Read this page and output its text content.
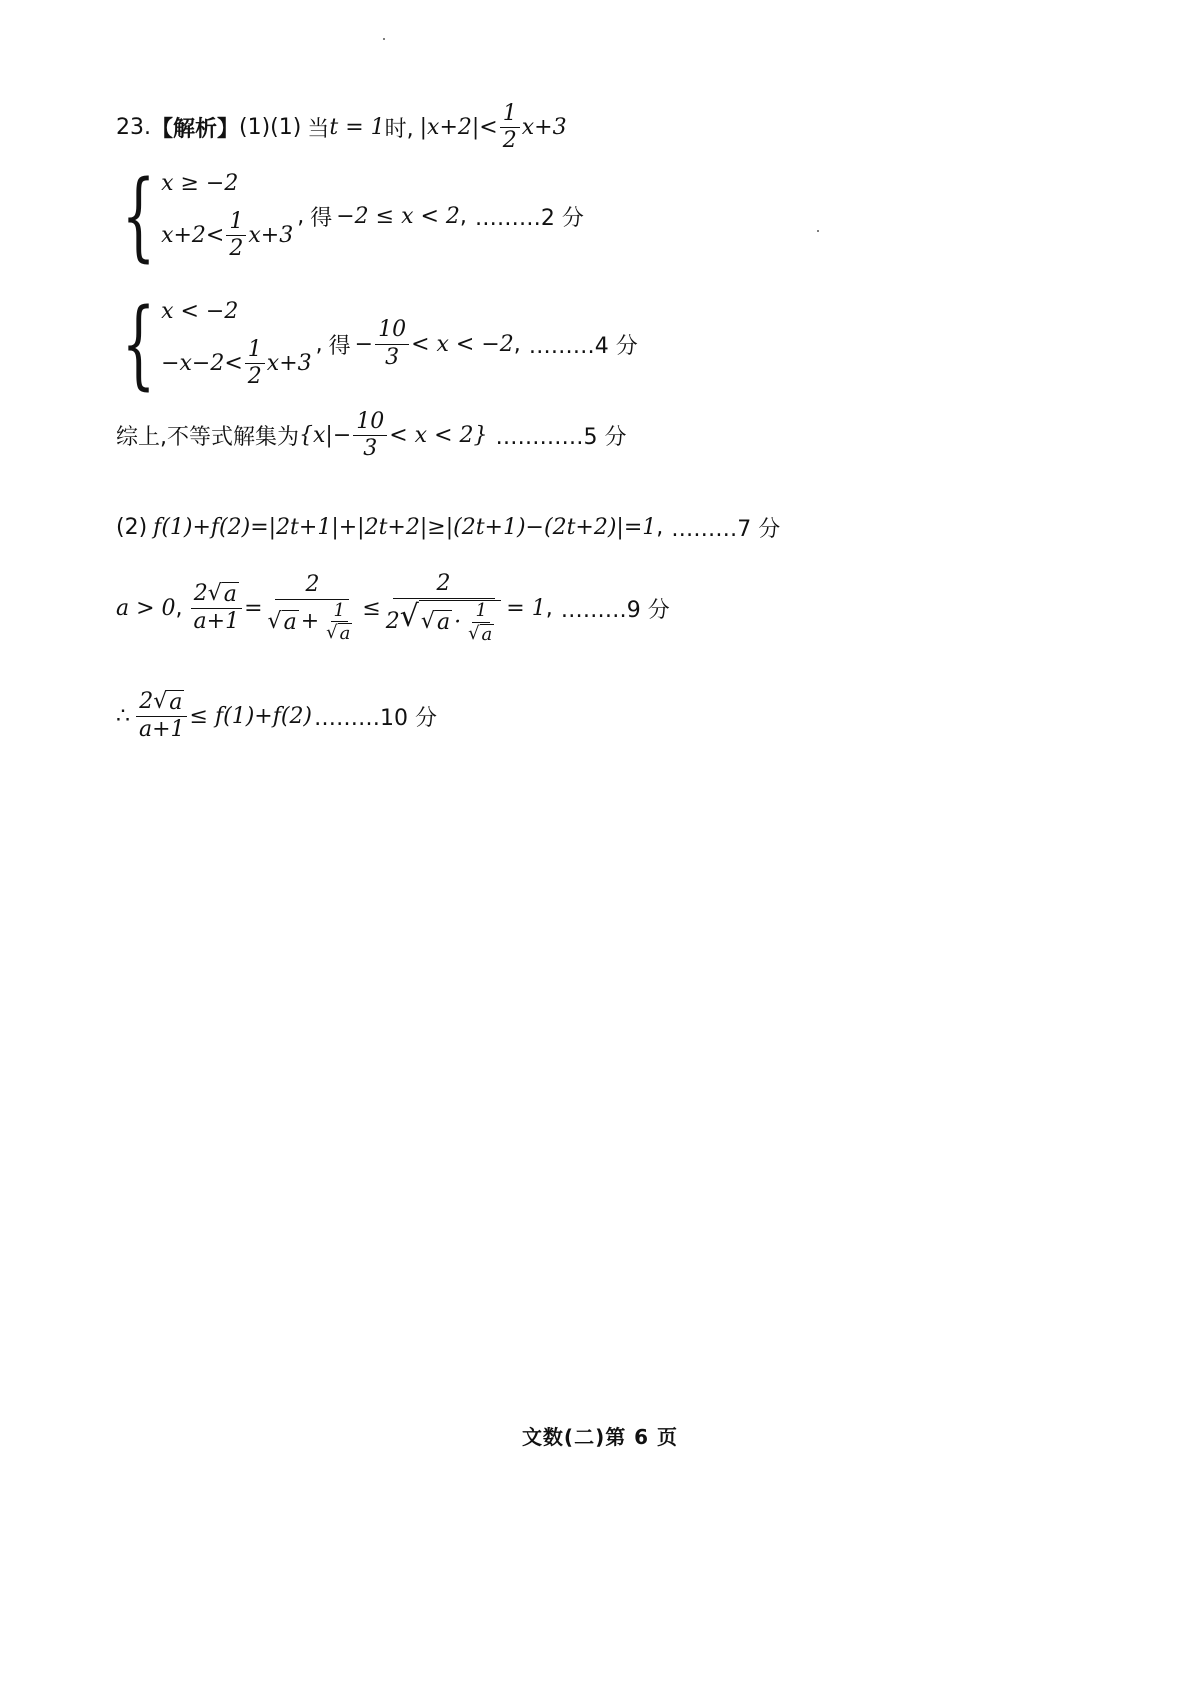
23. 【解析】 (1)(1) 当 t = 1 时, $|x+2|< \frac{1}{2} x+3$
{ x ≥ −2
$x+2< \frac{1}{2} x+3$
, 得 −2 ≤ x < 2 , ………2 分
{ x < −2
$-x-2< \frac{1}{2} x+3$
, 得 − $\frac{10}{3} < x < -2$ , ………4 分
综上,不等式解集为 $\{x|- \frac{10}{3} < x < 2\}$ …………5 分
(2) f(1)+f(2)=|2t+1|+|2t+2|≥|(2t+1)−(2t+2)|=1 , ………7 分
a > 0 , $\frac{2 √ a}{a+1} = \frac{2}{√ a + \frac{1}{√ a}}$ ≤
2
2 √ √ $a \cdot \frac{1}{√ a} = 1$ , ………9 分
∴ $\frac{2 √ a}{a+1} \le f(1)+f(2)$ ………10 分
文数(二)第 6 页
